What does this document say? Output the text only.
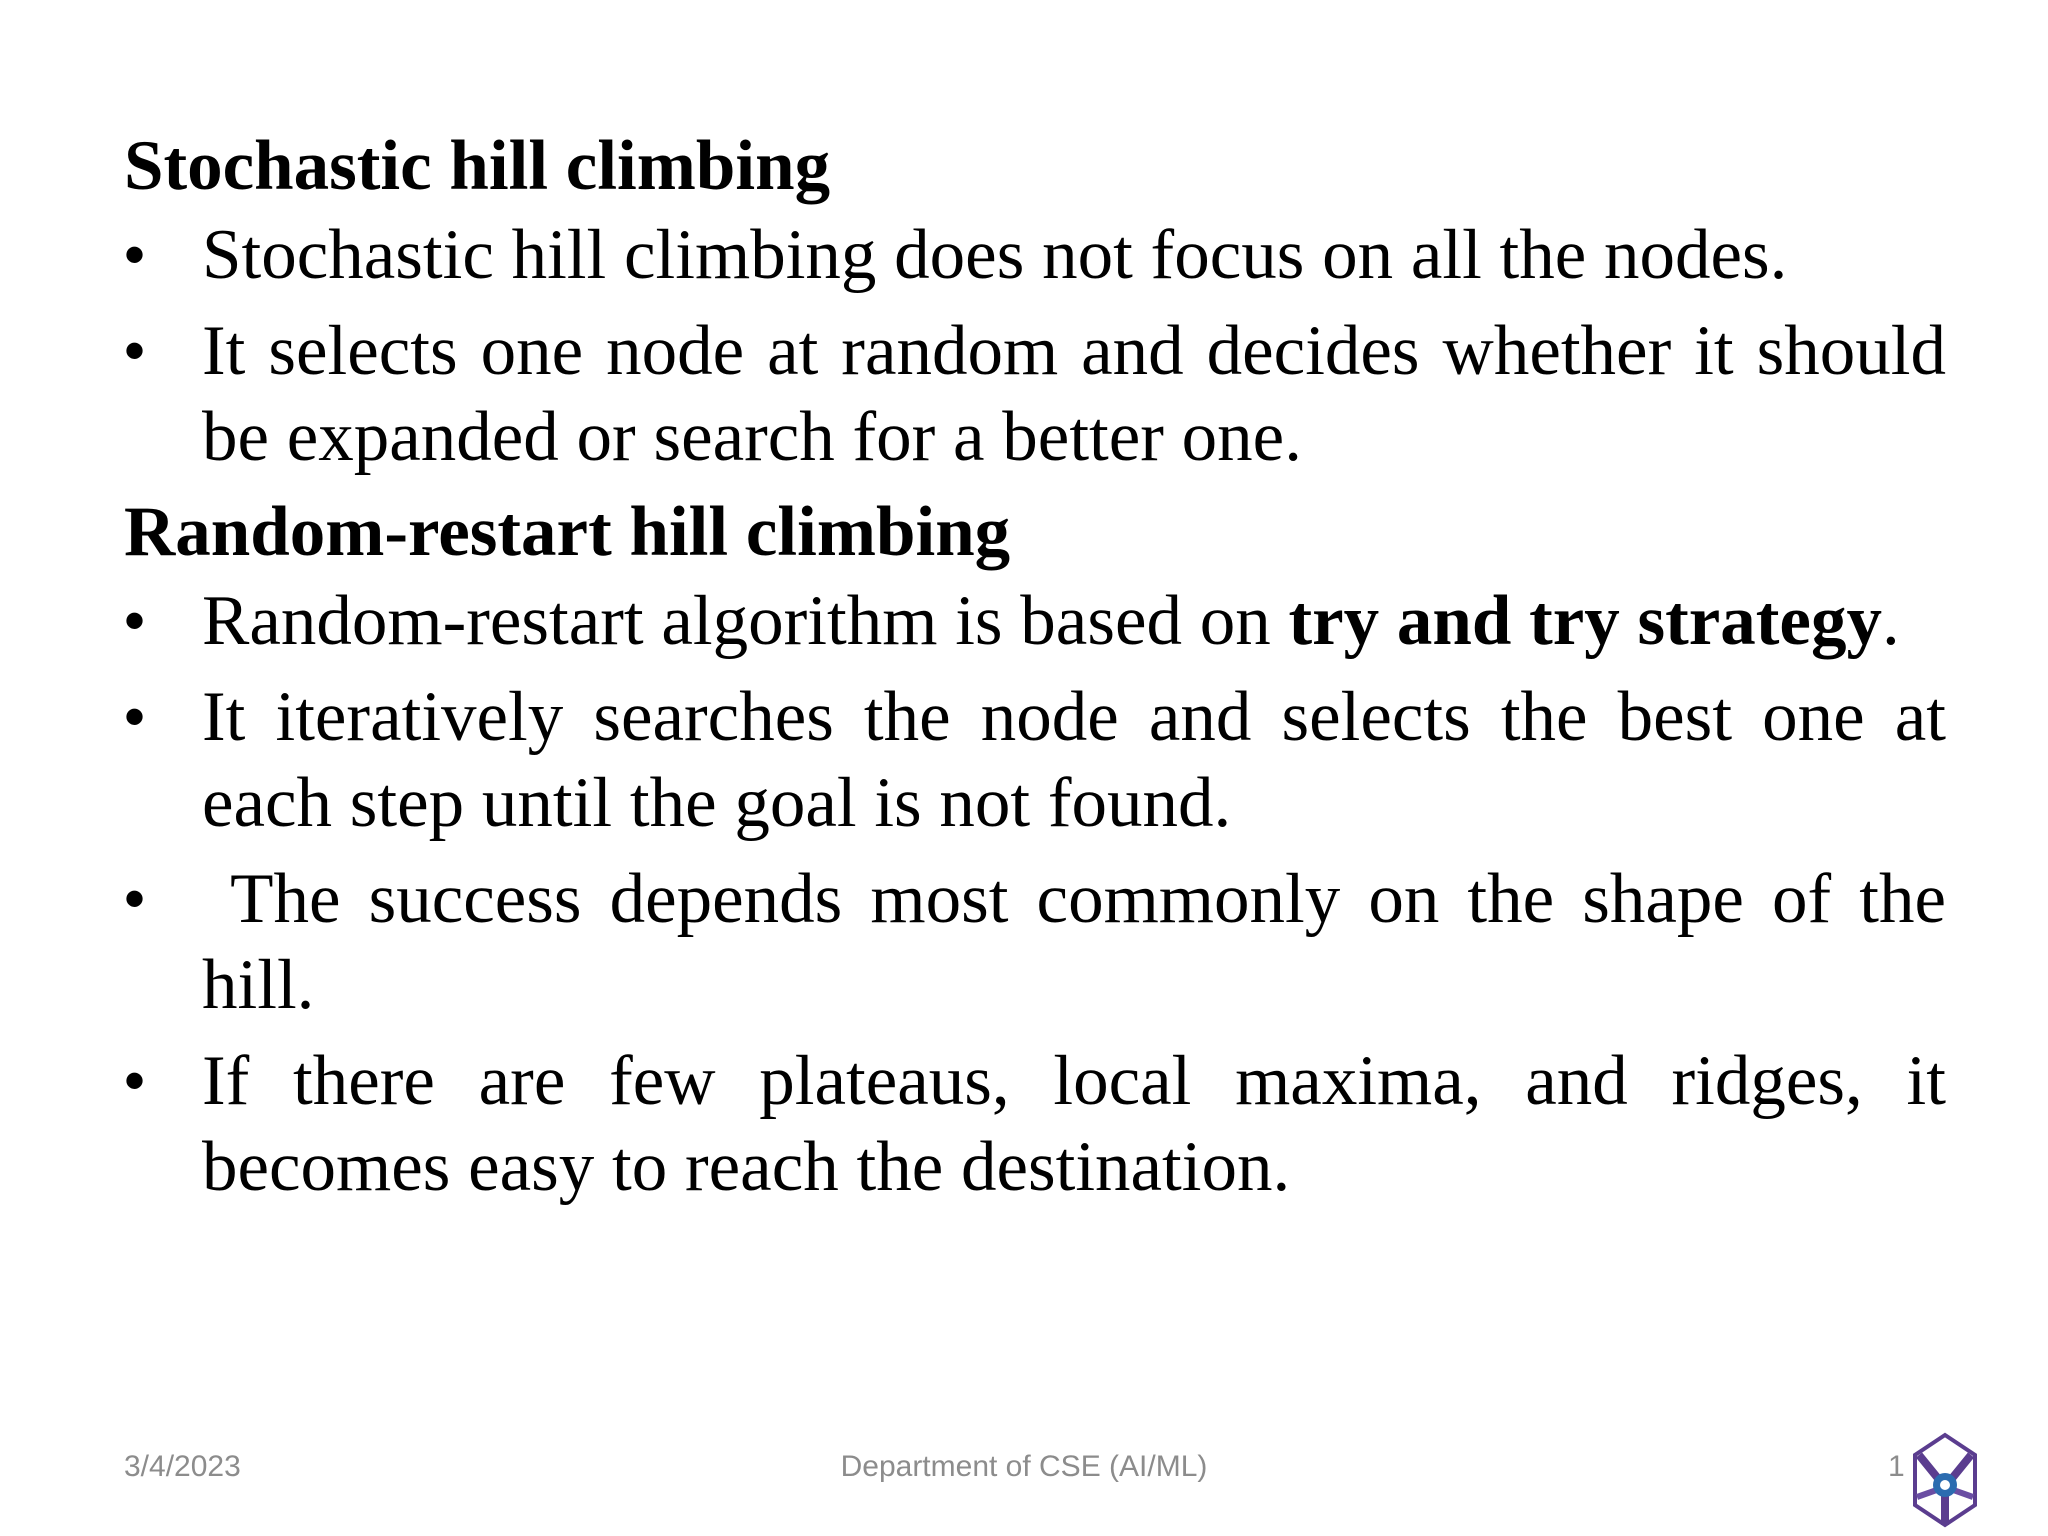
Stochastic hill climbing
• Stochastic hill climbing does not focus on all the nodes.
• It selects one node at random and decides whether it should be expanded or search for a better one.
Random-restart hill climbing
• Random-restart algorithm is based on try and try strategy.
• It iteratively searches the node and selects the best one at each step until the goal is not found.
• The success depends most commonly on the shape of the hill.
• If there are few plateaus, local maxima, and ridges, it becomes easy to reach the destination.
3/4/2023	Department of CSE (AI/ML)	1
